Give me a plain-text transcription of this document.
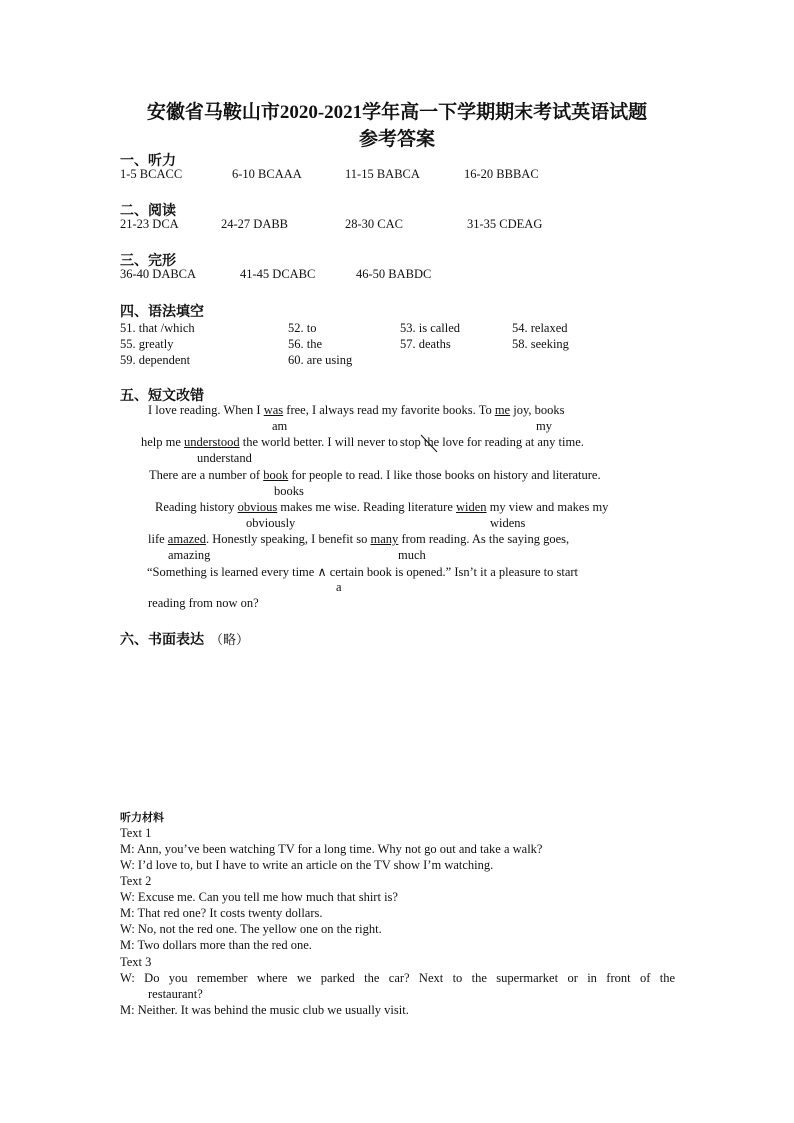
安徽省马鞍山市2020-2021学年高一下学期期末考试英语试题
参考答案
一、听力
1-5 BCACC	6-10 BCAAA	11-15 BABCA	16-20 BBBAC
二、阅读
21-23 DCA	24-27 DABB	28-30 CAC	31-35 CDEAG
三、完形
36-40 DABCA	41-45 DCABC	46-50 BABDC
四、语法填空
51. that /which	52. to	53. is called	54. relaxed
55. greatly	56. the	57. deaths	58. seeking
59. dependent	60. are using
五、短文改错
I love reading. When I was free, I always read my favorite books. To me joy, books
am	my
help me understood the world better. I will never to stop the love for reading at any time.
understand
There are a number of book for people to read. I like those books on history and literature.
books
Reading history obvious makes me wise. Reading literature widen my view and makes my
obviously	widens
life amazed. Honestly speaking, I benefit so many from reading. As the saying goes,
amazing	much
“Something is learned every time ∧ certain book is opened.” Isn’t it a pleasure to start
a
reading from now on?
六、书面表达 （略）
听力材料
Text 1
M: Ann, you’ve been watching TV for a long time. Why not go out and take a walk?
W: I’d love to, but I have to write an article on the TV show I’m watching.
Text 2
W: Excuse me. Can you tell me how much that shirt is?
M: That red one? It costs twenty dollars.
W: No, not the red one. The yellow one on the right.
M: Two dollars more than the red one.
Text 3
W: Do you remember where we parked the car? Next to the supermarket or in front of the
restaurant?
M: Neither. It was behind the music club we usually visit.
